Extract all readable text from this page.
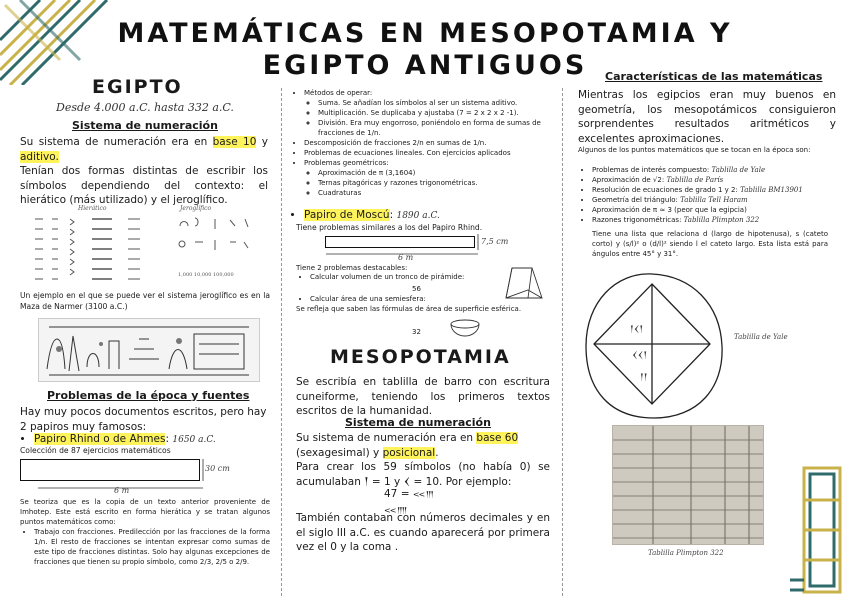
MATEMÁTICAS EN MESOPOTAMIA Y
EGIPTO ANTIGUOS
EGIPTO
Desde 4.000 a.C. hasta 332 a.C.
Sistema de numeración
Su sistema de numeración era en base 10 y aditivo.
Tenían dos formas distintas de escribir los símbolos dependiendo del contexto: el hierático (más utilizado) y el jeroglífico.
Hierático	Jeroglífico
1,000 10,000 100,000
Un ejemplo en el que se puede ver el sistema jeroglífico es en la Maza de Narmer (3100 a.C.)
Problemas de la época y fuentes
Hay muy pocos documentos escritos, pero hay 2 papiros muy famosos:
• Papiro Rhind o de Ahmes: 1650 a.C.
Colección de 87 ejercicios matemáticos
30 cm
6 m
Se teoriza que es la copia de un texto anterior proveniente de Imhotep. Este está escrito en forma hierática y se tratan algunos puntos matemáticos como:
• Trabajo con fracciones. Predilección por las fracciones de la forma 1/n. El resto de fracciones se intentan expresar como sumas de este tipo de fracciones distintas. Solo hay algunas excepciones de fracciones que tienen su propio símbolo, como 2/3, 2/5 o 2/9.
• Métodos de operar:
◦ Suma. Se añadían los símbolos al ser un sistema aditivo.
◦ Multiplicación. Se duplicaba y ajustaba (7 = 2 x 2 x 2 -1).
◦ División. Era muy engorroso, poniéndolo en forma de sumas de fracciones de 1/n.
• Descomposición de fracciones 2/n en sumas de 1/n.
• Problemas de ecuaciones lineales. Con ejercicios aplicados
• Problemas geométricos:
◦ Aproximación de π (3,1604)
◦ Ternas pitagóricas y razones trigonométricas.
◦ Cuadraturas
• Papiro de Moscú: 1890 a.C.
Tiene problemas similares a los del Papiro Rhind.
7,5 cm
6 m
Tiene 2 problemas destacables:
• Calcular volumen de un tronco de pirámide:
56
• Calcular área de una semiesfera:
Se refleja que saben las fórmulas de área de superficie esférica.
32
MESOPOTAMIA
Se escribía en tablilla de barro con escritura cuneiforme, teniendo los primeros textos escritos de la humanidad.
Sistema de numeración
Su sistema de numeración era en base 60
(sexagesimal) y posicional.
Para crear los 59 símbolos (no había 0) se acumulaban 𒁹 = 1 y 𒌋 = 10. Por ejemplo:
47 = << 𒁹𒁹𒁹
<< 𒁹𒁹𒁹𒁹
También contaban con números decimales y en el siglo III a.C. es cuando aparecerá por primera vez el 0 y la coma .
Características de las matemáticas
Mientras los egipcios eran muy buenos en geometría, los mesopotámicos consiguieron sorprendentes resultados aritméticos y excelentes aproximaciones.
Algunos de los puntos matemáticos que se tocan en la época son:
• Problemas de interés compuesto: Tablilla de Yale
• Aproximación de √2: Tablilla de París
• Resolución de ecuaciones de grado 1 y 2: Tablilla BM13901
• Geometría del triángulo: Tablilla Tell Haram
• Aproximación de π ≈ 3 (peor que la egipcia)
• Razones trigonométricas: Tablilla Plimpton 322
Tiene una lista que relaciona d (largo de hipotenusa), s (cateto corto) y (s/l)² o (d/l)² siendo l el cateto largo. Esta lista está para ángulos entre 45° y 31°.
𒁹𒌋𒁹
𒌋𒌋𒁹
𒁹𒁹
Tablilla de Yale
Tablilla Plimpton 322
